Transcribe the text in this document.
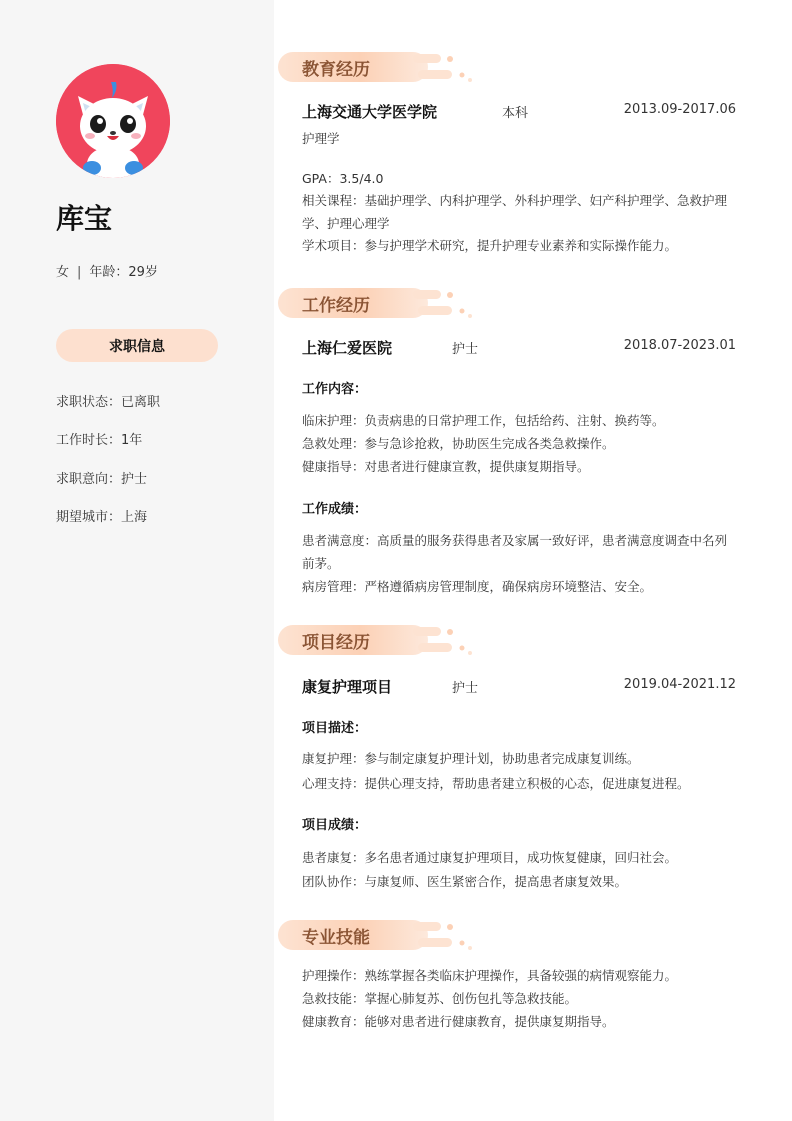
库宝
女 | 年龄：29岁
求职信息
求职状态：已离职
工作时长：1年
求职意向：护士
期望城市：上海
教育经历
上海交通大学医学院	本科	2013.09-2017.06
护理学
GPA：3.5/4.0
相关课程：基础护理学、内科护理学、外科护理学、妇产科护理学、急救护理学、护理心理学
学术项目：参与护理学术研究，提升护理专业素养和实际操作能力。
工作经历
上海仁爱医院	护士	2018.07-2023.01
工作内容：
临床护理：负责病患的日常护理工作，包括给药、注射、换药等。
急救处理：参与急诊抢救，协助医生完成各类急救操作。
健康指导：对患者进行健康宣教，提供康复期指导。
工作成绩：
患者满意度：高质量的服务获得患者及家属一致好评，患者满意度调查中名列前茅。
病房管理：严格遵循病房管理制度，确保病房环境整洁、安全。
项目经历
康复护理项目	护士	2019.04-2021.12
项目描述：
康复护理：参与制定康复护理计划，协助患者完成康复训练。
心理支持：提供心理支持，帮助患者建立积极的心态，促进康复进程。
项目成绩：
患者康复：多名患者通过康复护理项目，成功恢复健康，回归社会。
团队协作：与康复师、医生紧密合作，提高患者康复效果。
专业技能
护理操作：熟练掌握各类临床护理操作，具备较强的病情观察能力。
急救技能：掌握心肺复苏、创伤包扎等急救技能。
健康教育：能够对患者进行健康教育，提供康复期指导。
